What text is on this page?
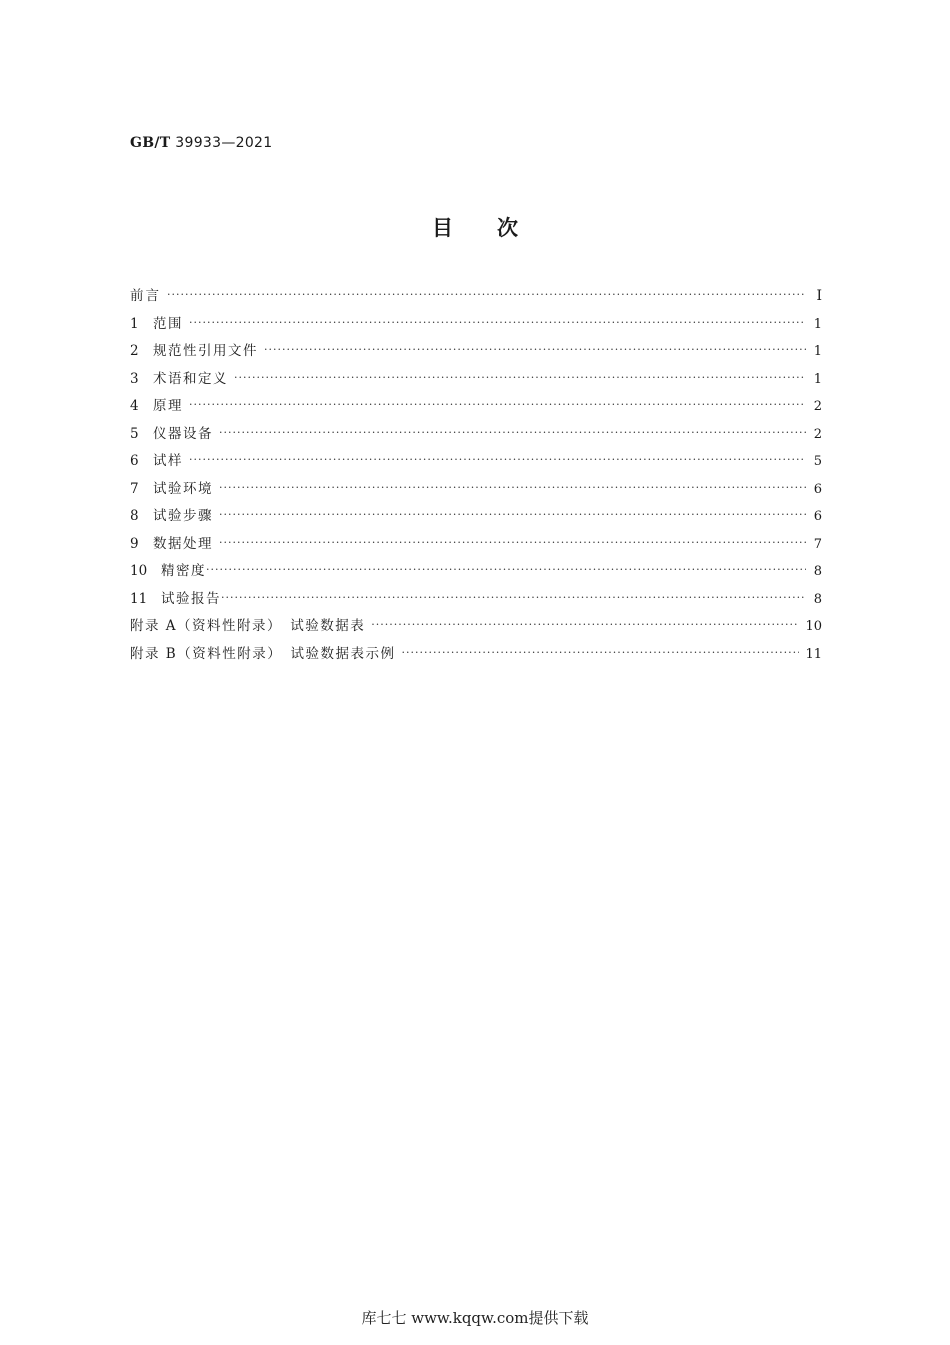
GB/T 39933—2021
目次
前言 ·····	Ⅰ
1	范围 ·····	1
2	规范性引用文件 ·····	1
3	术语和定义 ·····	1
4	原理 ·····	2
5	仪器设备 ·····	2
6	试样 ·····	5
7	试验环境 ·····	6
8	试验步骤 ·····	6
9	数据处理 ·····	7
10	精密度 ·····	8
11	试验报告 ·····	8
附录 A（资料性附录）　试验数据表 ·····	10
附录 B（资料性附录）　试验数据表示例 ·····	11
库七七 www.kqqw.com提供下载
